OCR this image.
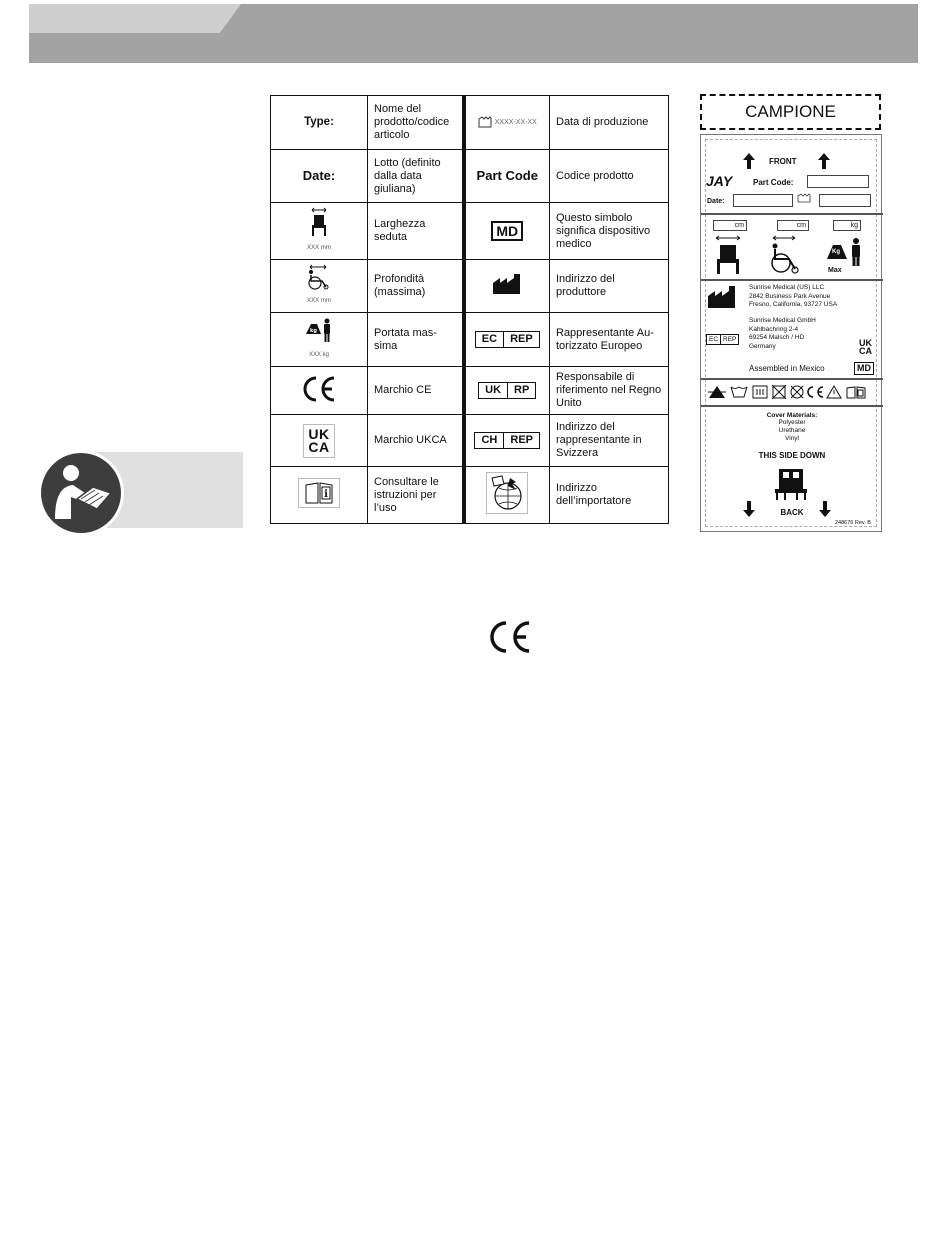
Type:	Nome del prodotto/codice articolo	XXXX-XX-XX	Data di produzione
Date:	Lotto (definito dalla data giuliana)	Part Code	Codice prodotto

XXX mm	Larghezza seduta	MD	Questo simbolo significa dispositivo medico

XXX mm	Profondità (massima)		Indirizzo del produttore

kg
XXX kg	Portata mas-sima	EC REP	Rappresentante Au-torizzato Europeo
	Marchio CE	UK RP	Responsabile di riferimento nel Regno Unito
UK
CA	Marchio UKCA	CH REP	Indirizzo del rappresentante in Svizzera

i	Consultare le istruzioni per l’uso		Indirizzo dell’importatore
CAMPIONE
FRONT
JAY	Part Code:
Date:
cm	cm	kg
Kg
Max
Sunrise Medical (US) LLC
2842 Business Park Avenue
Fresno, California, 93727 USA
EC REP
Sunrise Medical GmbH
Kahlbachring 2-4
69254 Malsch / HD
Germany	UK
CA
Assembled in Mexico	MD
Cover Materials:
Polyester
Urethane
Vinyl
THIS SIDE DOWN
BACK
248676 Rev. B
